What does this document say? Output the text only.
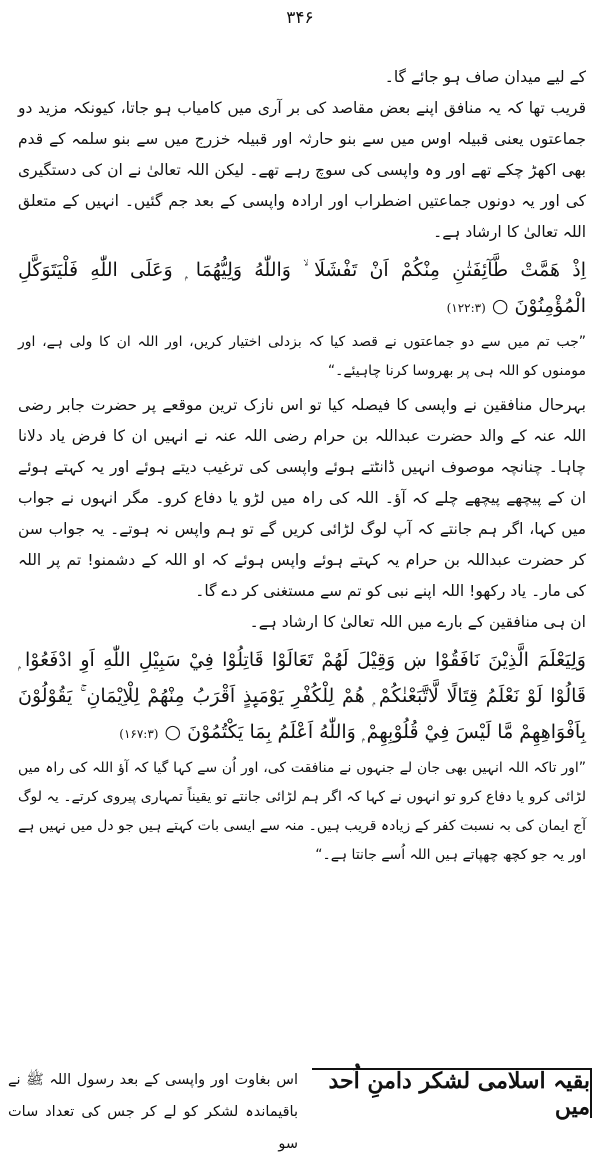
۳۴۶

کے لیے میدان صاف ہو جائے گا۔

قریب تھا کہ یہ منافق اپنے بعض مقاصد کی بر آری میں کامیاب ہو جاتا، کیونکہ مزید دو جماعتوں یعنی قبیلہ اوس میں سے بنو حارثہ اور قبیلہ خزرج میں سے بنو سلمہ کے قدم بھی اکھڑ چکے تھے اور وہ واپسی کی سوچ رہے تھے۔ لیکن اللہ تعالیٰ نے ان کی دستگیری کی اور یہ دونوں جماعتیں اضطراب اور ارادہ واپسی کے بعد جم گئیں۔ انہیں کے متعلق اللہ تعالیٰ کا ارشاد ہے۔

اِذْ هَمَّتْ طَّآئِفَتٰنِ مِنْكُمْ اَنْ تَفْشَلَا ۙ وَاللّٰهُ وَلِيُّهُمَا ۭ وَعَلَى اللّٰهِ فَلْيَتَوَكَّلِ الْمُؤْمِنُوْنَ ○ (۱۲۲:۳)

”جب تم میں سے دو جماعتوں نے قصد کیا کہ بزدلی اختیار کریں، اور اللہ ان کا ولی ہے، اور مومنوں کو اللہ ہی پر بھروسا کرنا چاہیئے۔“

بہرحال منافقین نے واپسی کا فیصلہ کیا تو اس نازک ترین موقعے پر حضرت جابر رضی اللہ عنہ کے والد حضرت عبداللہ بن حرام رضی اللہ عنہ نے انہیں ان کا فرض یاد دلانا چاہا۔ چنانچہ موصوف انہیں ڈانٹتے ہوئے واپسی کی ترغیب دیتے ہوئے اور یہ کہتے ہوئے ان کے پیچھے پیچھے چلے کہ آؤ۔ اللہ کی راہ میں لڑو یا دفاع کرو۔ مگر انہوں نے جواب میں کہا، اگر ہم جانتے کہ آپ لوگ لڑائی کریں گے تو ہم واپس نہ ہوتے۔ یہ جواب سن کر حضرت عبداللہ بن حرام یہ کہتے ہوئے واپس ہوئے کہ او اللہ کے دشمنو! تم پر اللہ کی مار۔ یاد رکھو! اللہ اپنے نبی کو تم سے مستغنی کر دے گا۔

ان ہی منافقین کے بارے میں اللہ تعالیٰ کا ارشاد ہے۔

وَلِيَعْلَمَ الَّذِيْنَ نَافَقُوْا ښ وَقِيْلَ لَھُمْ تَعَالَوْا قَاتِلُوْا فِيْ سَبِيْلِ اللّٰهِ اَوِ ادْفَعُوْا ۭ قَالُوْا لَوْ نَعْلَمُ قِتَالًا لَّاتَّبَعْنٰكُمْ ۭ ھُمْ لِلْكُفْرِ يَوْمَىِٕذٍ اَقْرَبُ مِنْھُمْ لِلْاِيْمَانِ ۚ يَقُوْلُوْنَ بِاَفْوَاهِهِمْ مَّا لَيْسَ فِيْ قُلُوْبِهِمْ ۭ وَاللّٰهُ اَعْلَمُ بِمَا يَكْتُمُوْنَ ○ (۱۶۷:۳)

”اور تاکہ اللہ انہیں بھی جان لے جنہوں نے منافقت کی، اور اُن سے کہا گیا کہ آؤ اللہ کی راہ میں لڑائی کرو یا دفاع کرو تو انہوں نے کہا کہ اگر ہم لڑائی جانتے تو یقیناً تمہاری پیروی کرتے۔ یہ لوگ آج ایمان کی بہ نسبت کفر کے زیادہ قریب ہیں۔ منہ سے ایسی بات کہتے ہیں جو دل میں نہیں ہے اور یہ جو کچھ چھپاتے ہیں اللہ اُسے جانتا ہے۔“

بقیہ اسلامی لشکر دامنِ اُحد میں
اس بغاوت اور واپسی کے بعد رسول اللہ ﷺ نے باقیماندہ لشکر کو لے کر جس کی تعداد سات سو
